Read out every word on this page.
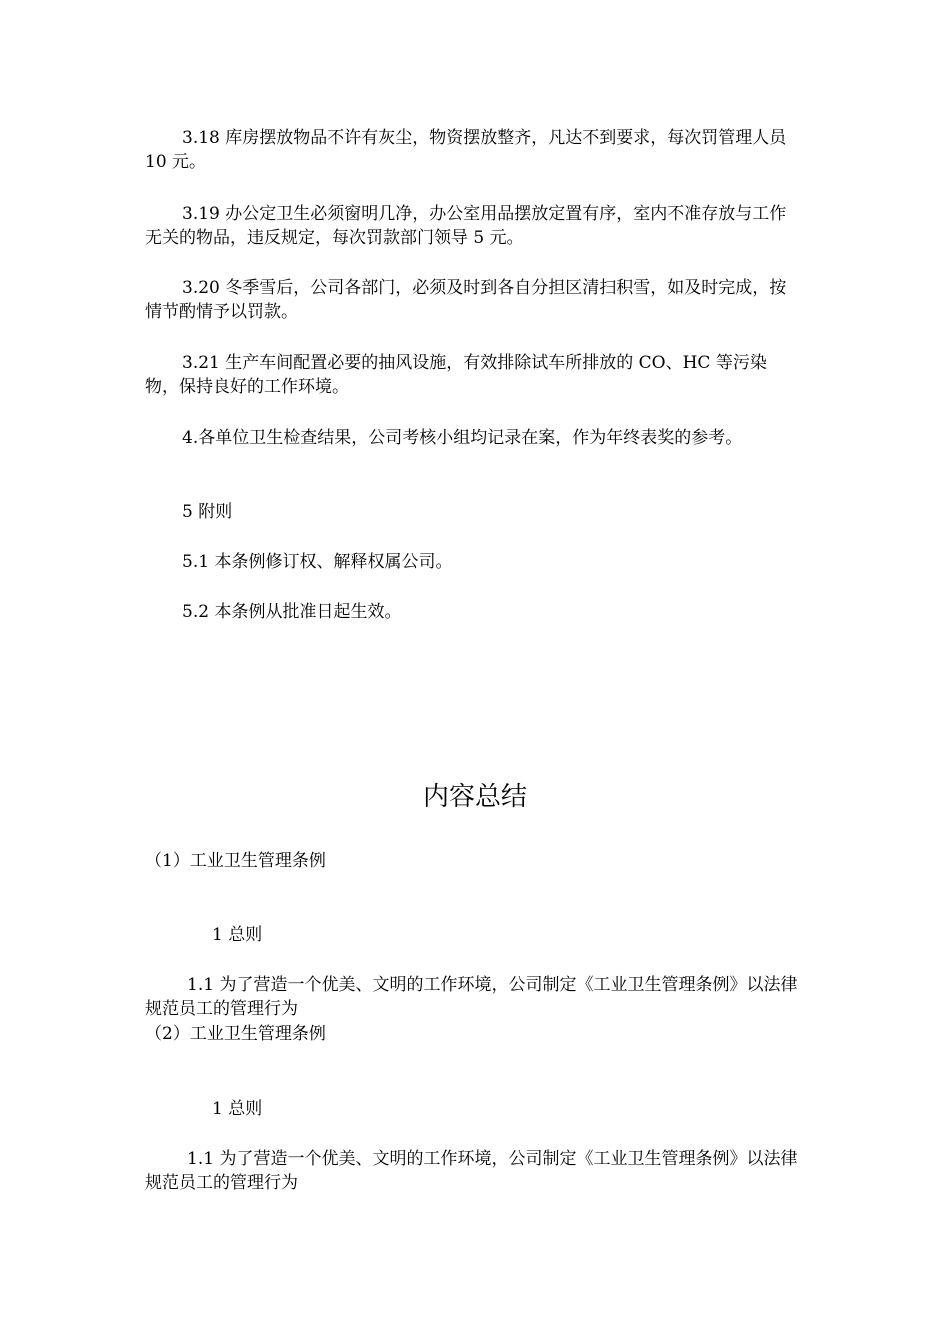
3.18 库房摆放物品不许有灰尘，物资摆放整齐，凡达不到要求，每次罚管理人员 10 元。

3.19 办公定卫生必须窗明几净，办公室用品摆放定置有序，室内不准存放与工作无关的物品，违反规定，每次罚款部门领导 5 元。

3.20 冬季雪后，公司各部门，必须及时到各自分担区清扫积雪，如及时完成，按情节酌情予以罚款。

3.21 生产车间配置必要的抽风设施，有效排除试车所排放的 CO、HC 等污染物，保持良好的工作环境。

4.各单位卫生检查结果，公司考核小组均记录在案，作为年终表奖的参考。

5 附则

5.1 本条例修订权、解释权属公司。

5.2 本条例从批准日起生效。

内容总结

（1）工业卫生管理条例

1 总则

1.1 为了营造一个优美、文明的工作环境，公司制定《工业卫生管理条例》以法律规范员工的管理行为

（2）工业卫生管理条例

1 总则

1.1 为了营造一个优美、文明的工作环境，公司制定《工业卫生管理条例》以法律规范员工的管理行为
